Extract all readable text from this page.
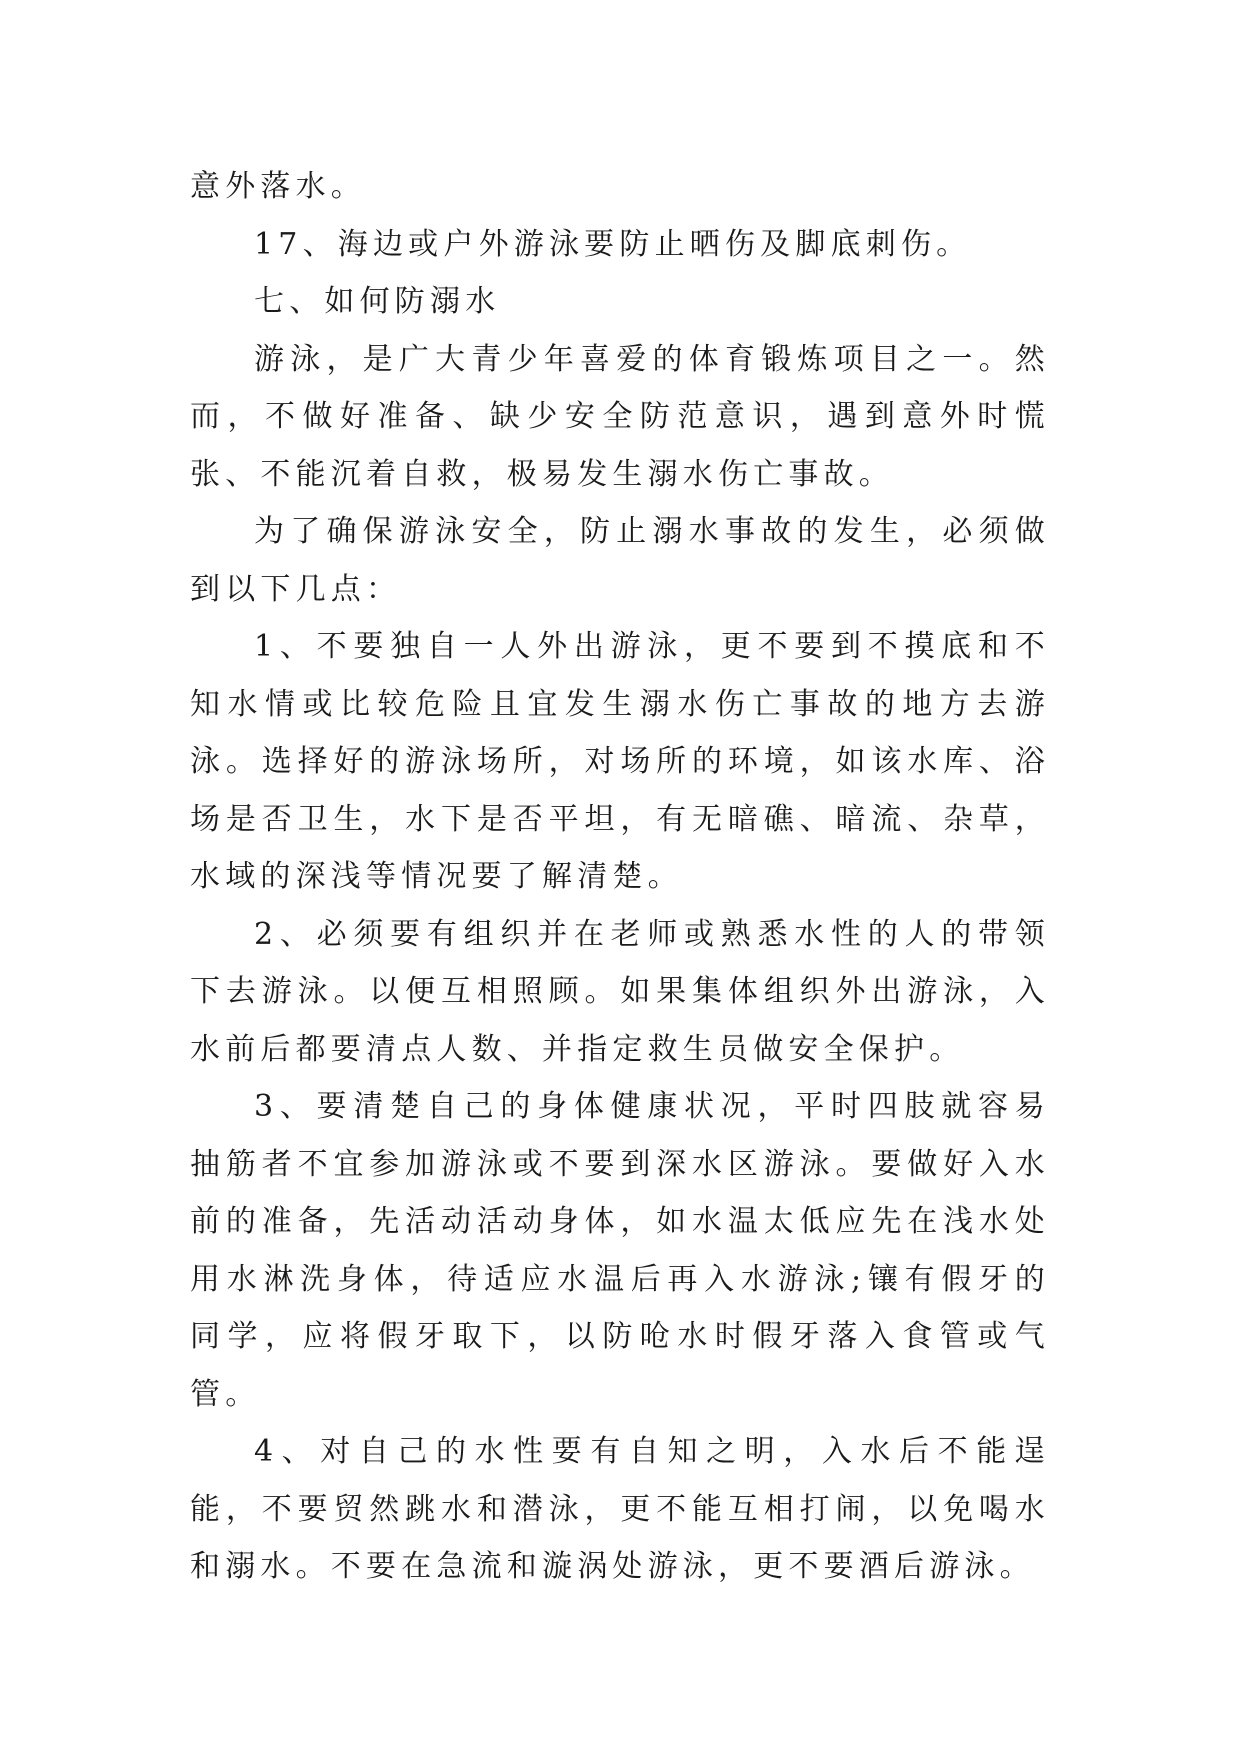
意外落水。

17、海边或户外游泳要防止晒伤及脚底刺伤。

七、如何防溺水

游泳，是广大青少年喜爱的体育锻炼项目之一。然而，不做好准备、缺少安全防范意识，遇到意外时慌张、不能沉着自救，极易发生溺水伤亡事故。

为了确保游泳安全，防止溺水事故的发生，必须做到以下几点：

1、不要独自一人外出游泳，更不要到不摸底和不知水情或比较危险且宜发生溺水伤亡事故的地方去游泳。选择好的游泳场所，对场所的环境，如该水库、浴场是否卫生，水下是否平坦，有无暗礁、暗流、杂草，水域的深浅等情况要了解清楚。

2、必须要有组织并在老师或熟悉水性的人的带领下去游泳。以便互相照顾。如果集体组织外出游泳，入水前后都要清点人数、并指定救生员做安全保护。

3、要清楚自己的身体健康状况，平时四肢就容易抽筋者不宜参加游泳或不要到深水区游泳。要做好入水前的准备，先活动活动身体，如水温太低应先在浅水处用水淋洗身体，待适应水温后再入水游泳;镶有假牙的同学，应将假牙取下，以防呛水时假牙落入食管或气管。

4、对自己的水性要有自知之明，入水后不能逞能，不要贸然跳水和潜泳，更不能互相打闹，以免喝水和溺水。不要在急流和漩涡处游泳，更不要酒后游泳。
